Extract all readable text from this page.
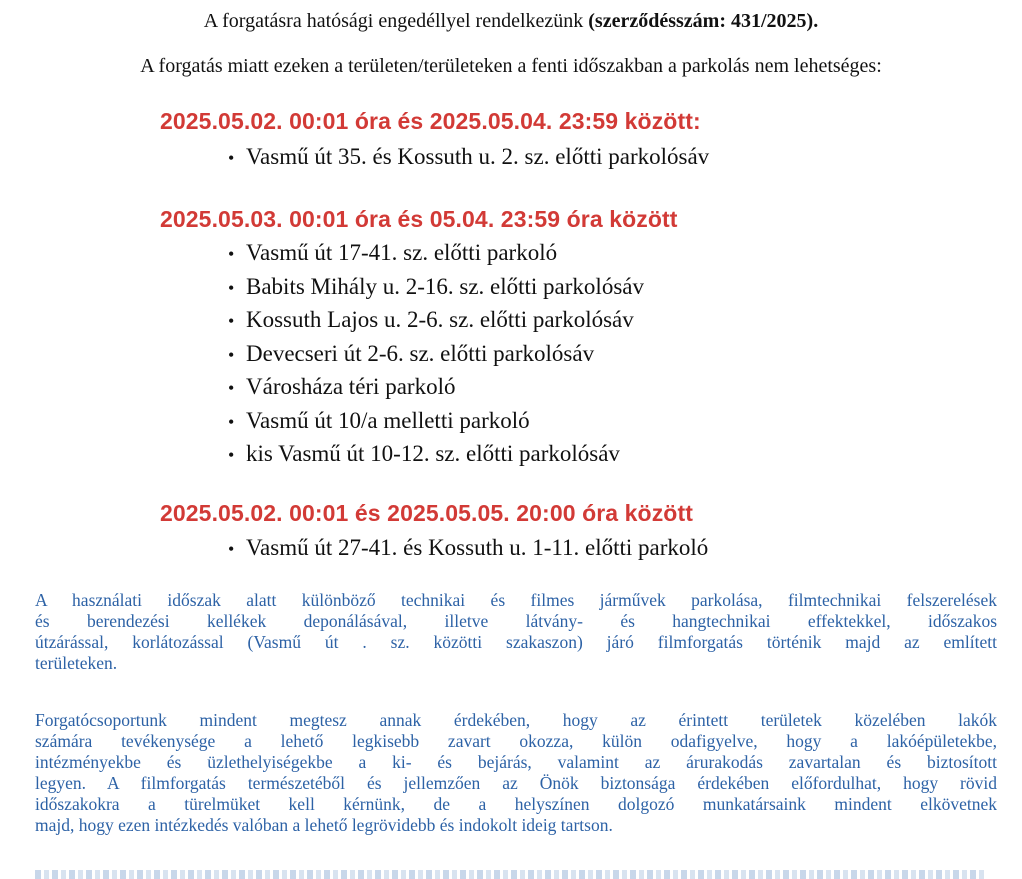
A forgatásra hatósági engedéllyel rendelkezünk (szerződésszám: 431/2025).
A forgatás miatt ezeken a területen/területeken a fenti időszakban a parkolás nem lehetséges:
2025.05.02. 00:01 óra és 2025.05.04. 23:59 között:
• Vasmű út 35. és Kossuth u. 2. sz. előtti parkolósáv
2025.05.03. 00:01 óra és 05.04. 23:59 óra között
• Vasmű út 17-41. sz. előtti parkoló
• Babits Mihály u. 2-16. sz. előtti parkolósáv
• Kossuth Lajos u. 2-6. sz. előtti parkolósáv
• Devecseri út 2-6. sz. előtti parkolósáv
• Városháza téri parkoló
• Vasmű út 10/a melletti parkoló
• kis Vasmű út 10-12. sz. előtti parkolósáv
2025.05.02. 00:01 és 2025.05.05. 20:00 óra között
• Vasmű út 27-41. és Kossuth u. 1-11. előtti parkoló
A használati időszak alatt különböző technikai és filmes járművek parkolása, filmtechnikai felszerelések
és berendezési kellékek deponálásával, illetve látvány- és hangtechnikai effektekkel, időszakos
útzárással, korlátozással (Vasmű út . sz. közötti szakaszon) járó filmforgatás történik majd az említett
területeken.
Forgatócsoportunk mindent megtesz annak érdekében, hogy az érintett területek közelében lakók
számára tevékenysége a lehető legkisebb zavart okozza, külön odafigyelve, hogy a lakóépületekbe,
intézményekbe és üzlethelyiségekbe a ki- és bejárás, valamint az árurakodás zavartalan és biztosított
legyen. A filmforgatás természetéből és jellemzően az Önök biztonsága érdekében előfordulhat, hogy rövid
időszakokra a türelmüket kell kérnünk, de a helyszínen dolgozó munkatársaink mindent elkövetnek
majd, hogy ezen intézkedés valóban a lehető legrövidebb és indokolt ideig tartson.
